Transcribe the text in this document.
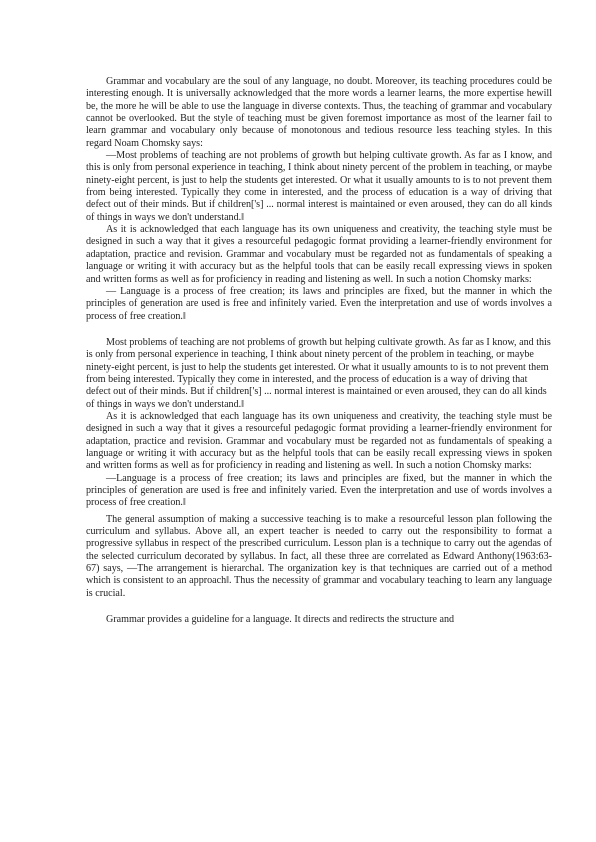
Grammar and vocabulary are the soul of any language, no doubt. Moreover, its teaching procedures could be interesting enough. It is universally acknowledged that the more words a learner learns, the more expertise hewill be, the more he will be able to use the language in diverse contexts. Thus, the teaching of grammar and vocabulary cannot be overlooked. But the style of teaching must be given foremost importance as most of the learner fail to learn grammar and vocabulary only because of monotonous and tedious resource less teaching styles. In this regard Noam Chomsky says:

―Most problems of teaching are not problems of growth but helping cultivate growth. As far as I know, and this is only from personal experience in teaching, I think about ninety percent of the problem in teaching, or maybe ninety-eight percent, is just to help the students get interested. Or what it usually amounts to is to not prevent them from being interested. Typically they come in interested, and the process of education is a way of driving that defect out of their minds. But if children['s] ... normal interest is maintained or even aroused, they can do all kinds of things in ways we don't understand.‖

As it is acknowledged that each language has its own uniqueness and creativity, the teaching style must be designed in such a way that it gives a resourceful pedagogic format providing a learner-friendly environment for adaptation, practice and revision. Grammar and vocabulary must be regarded not as fundamentals of speaking a language or writing it with accuracy but as the helpful tools that can be easily recall expressing views in spoken and written forms as well as for proficiency in reading and listening as well. In such a notion Chomsky marks:

― Language is a process of free creation; its laws and principles are fixed, but the manner in which the principles of generation are used is free and infinitely varied. Even the interpretation and use of words involves a process of free creation.‖

Most problems of teaching are not problems of growth but helping cultivate growth. As far as I know, and this is only from personal experience in teaching, I think about ninety percent of the problem in teaching, or maybe ninety-eight percent, is just to help the students get interested. Or what it usually amounts to is to not prevent them from being interested. Typically they come in interested, and the process of education is a way of driving that defect out of their minds. But if children['s] ... normal interest is maintained or even aroused, they can do all kinds of things in ways we don't understand.‖

As it is acknowledged that each language has its own uniqueness and creativity, the teaching style must be designed in such a way that it gives a resourceful pedagogic format providing a learner-friendly environment for adaptation, practice and revision. Grammar and vocabulary must be regarded not as fundamentals of speaking a language or writing it with accuracy but as the helpful tools that can be easily recall expressing views in spoken and written forms as well as for proficiency in reading and listening as well. In such a notion Chomsky marks:

―Language is a process of free creation; its laws and principles are fixed, but the manner in which the principles of generation are used is free and infinitely varied. Even the interpretation and use of words involves a process of free creation.‖

The general assumption of making a successive teaching is to make a resourceful lesson plan following the curriculum and syllabus. Above all, an expert teacher is needed to carry out the responsibility to format a progressive syllabus in respect of the prescribed curriculum. Lesson plan is a technique to carry out the agendas of the selected curriculum decorated by syllabus. In fact, all these three are correlated as Edward Anthony(1963:63-67) says, ―The arrangement is hierarchal. The organization key is that techniques are carried out of a method which is consistent to an approach‖. Thus the necessity of grammar and vocabulary teaching to learn any language is crucial.

Grammar provides a guideline for a language. It directs and redirects the structure and
